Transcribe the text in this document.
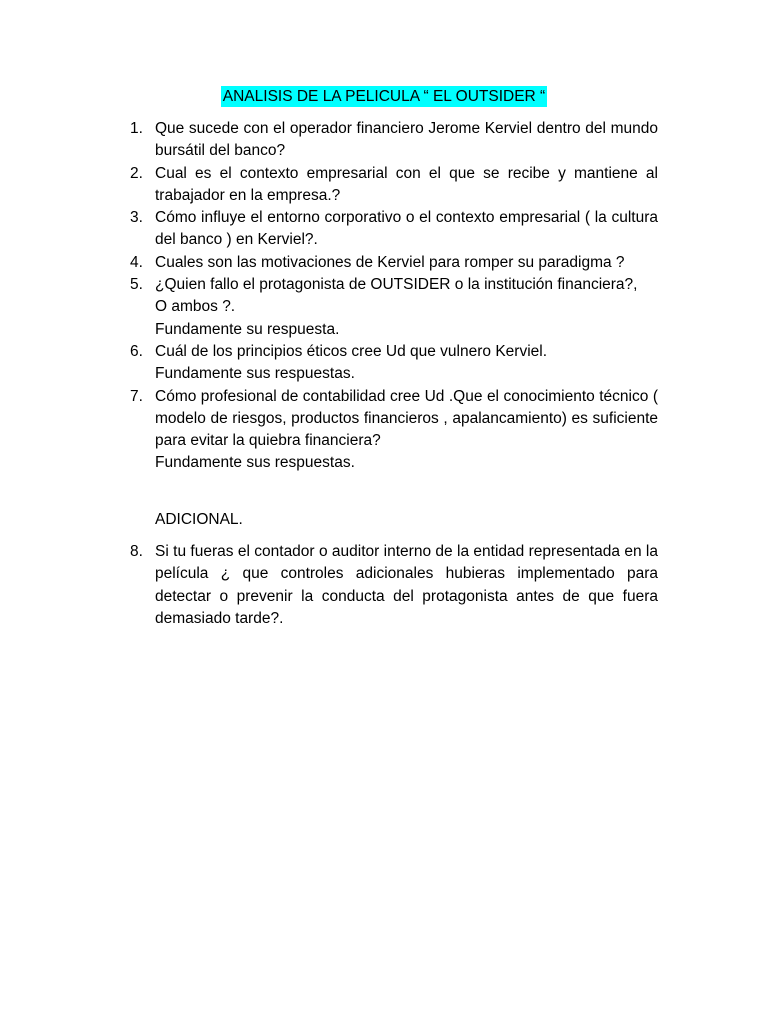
ANALISIS DE LA PELICULA “ EL OUTSIDER “
1. Que sucede con el operador financiero Jerome Kerviel dentro del mundo bursátil del banco?
2. Cual es el contexto empresarial con el que se recibe y mantiene al trabajador en la empresa.?
3. Cómo influye el entorno corporativo o el contexto empresarial ( la cultura del banco ) en Kerviel?.
4. Cuales son las motivaciones de Kerviel para romper su paradigma ?
5. ¿Quien fallo el protagonista de OUTSIDER o la institución financiera?,
O ambos ?.
Fundamente su respuesta.
6. Cuál de los principios éticos cree Ud que vulnero Kerviel.
Fundamente sus respuestas.
7. Cómo profesional de contabilidad cree Ud .Que el conocimiento técnico ( modelo de riesgos, productos financieros , apalancamiento) es suficiente para evitar la quiebra financiera?
Fundamente sus respuestas.
ADICIONAL.
8. Si tu fueras el contador o auditor interno de la entidad representada en la película ¿ que controles adicionales hubieras implementado para detectar o prevenir la conducta del protagonista antes de que fuera demasiado tarde?.
